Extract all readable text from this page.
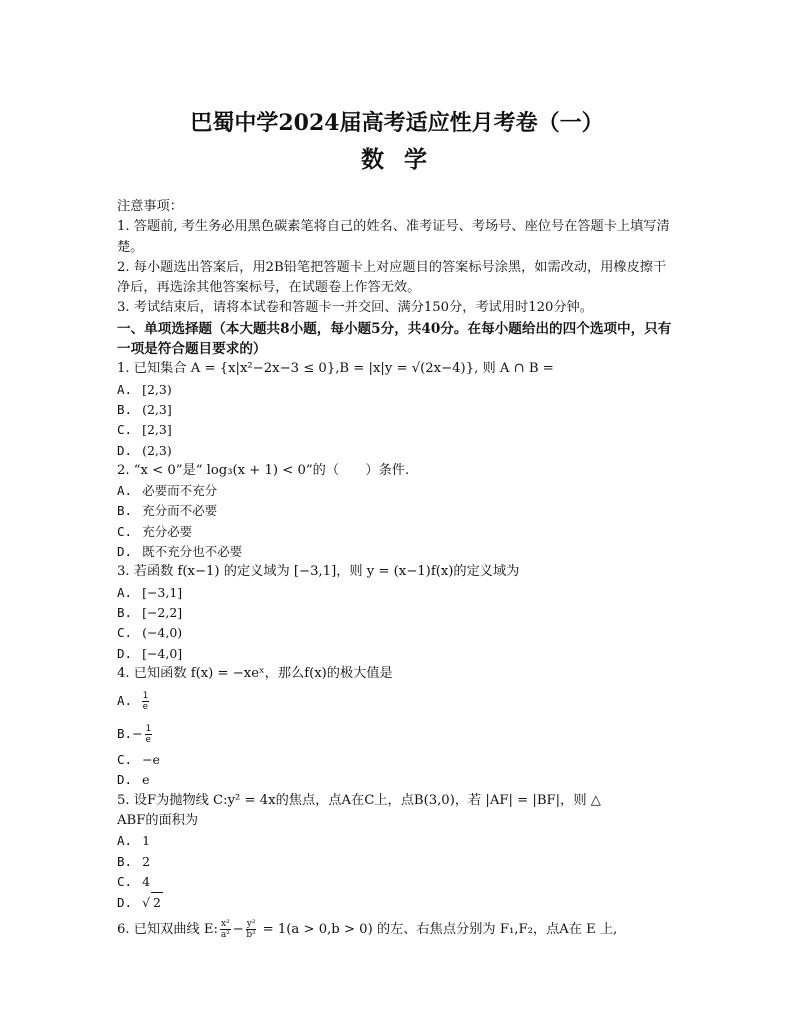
巴蜀中学2024届高考适应性月考卷（一）
数 学
注意事项：
1. 答题前, 考生务必用黑色碳素笔将自己的姓名、准考证号、考场号、座位号在答题卡上填写清楚。
2. 每小题选出答案后，用2B铅笔把答题卡上对应题目的答案标号涂黑，如需改动，用橡皮擦干净后，再选涂其他答案标号，在试题卷上作答无效。
3. 考试结束后，请将本试卷和答题卡一并交回、满分150分，考试用时120分钟。
一、单项选择题（本大题共8小题，每小题5分，共40分。在每小题给出的四个选项中，只有一项是符合题目要求的）
1. 已知集合 A = {x|x²−2x−3 ≤ 0},B = |x|y = √(2x−4)}, 则 A ∩ B =
A. [2,3)
B. (2,3]
C. [2,3]
D. (2,3)
2. “x < 0”是“ log₃(x + 1) < 0”的（　　）条件.
A. 必要而不充分
B. 充分而不必要
C. 充分必要
D. 既不充分也不必要
3. 若函数 f(x−1) 的定义域为 [−3,1]，则 y = (x−1)f(x)的定义域为
A. [−3,1]
B. [−2,2]
C. (−4,0)
D. [−4,0]
4. 已知函数 f(x) = −xeˣ，那么f(x)的极大值是
A. $\frac{1}{e}$
$B.- \frac{1}{e}$
C. −e
D. e
5. 设F为抛物线 C:y² = 4x的焦点，点A在C上，点B(3,0)，若 |AF| = |BF|，则 △
ABF的面积为
A. 1
B. 2
C. 4
D. √ 2
6. 已知双曲线 E: $\frac{\text{x²}}{\text{a²}} - \frac{\text{y²}}{\text{b²}} = 1(a > 0,b > 0)$ 的左、右焦点分别为 F₁,F₂，点A在 E 上,
